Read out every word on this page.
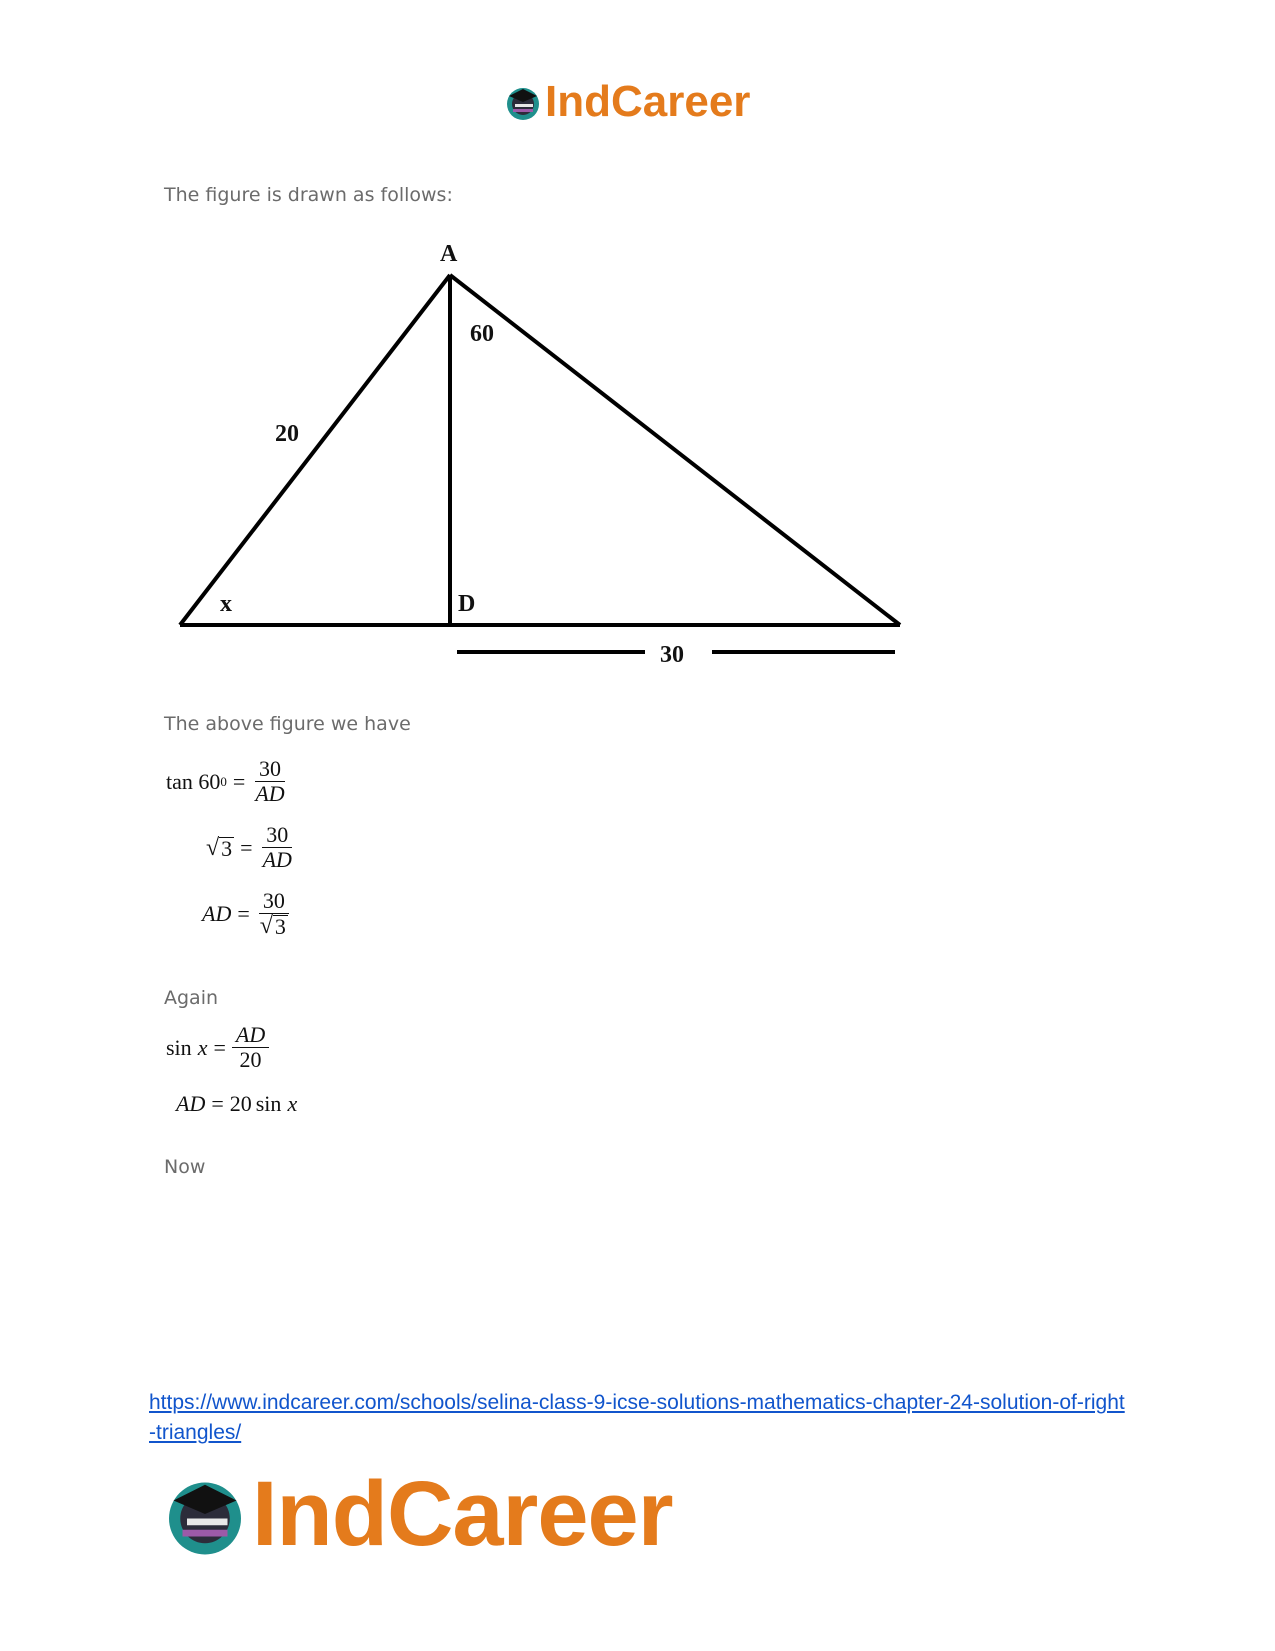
IndCareer

The figure is drawn as follows:

A
60
20
x	D
30

The above figure we have

tan 60 $0 = \frac{30}{AD}$
√ $3 = \frac{30}{AD}$
AD = $\frac{30}{√ 3}$

Again

$\sin x = \frac{AD}{20}$
AD = 20 sin x

Now

https://www.indcareer.com/schools/selina-class-9-icse-solutions-mathematics-chapter-24-solution-of-right-triangles/
IndCareer
